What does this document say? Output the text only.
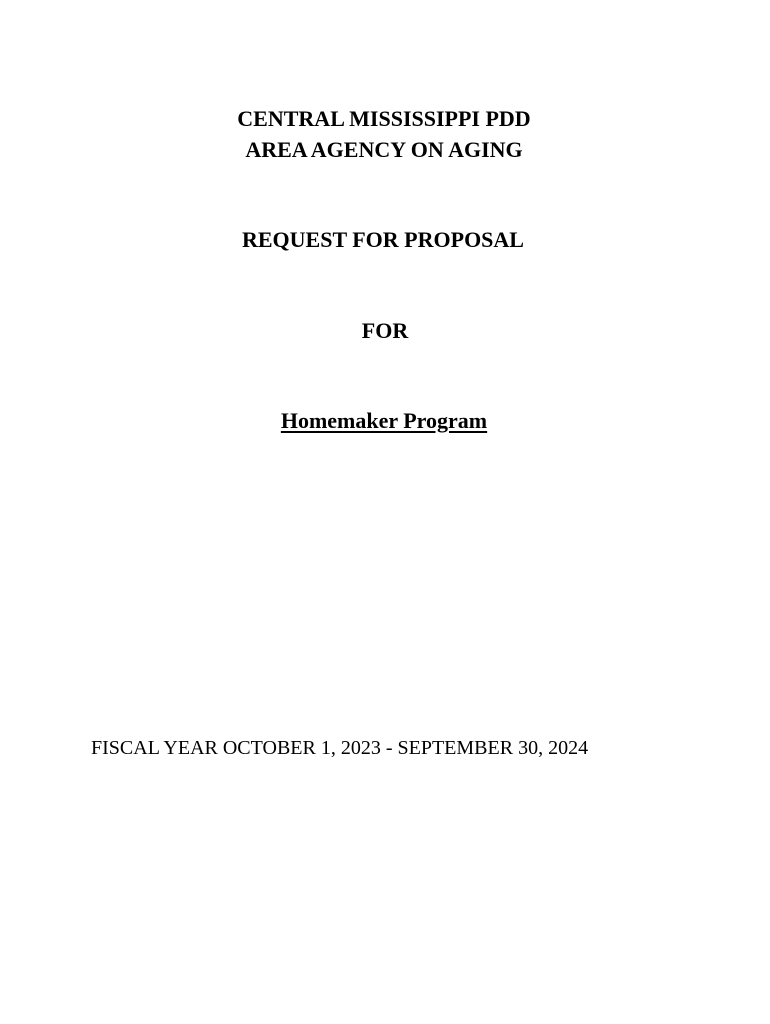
CENTRAL MISSISSIPPI PDD
AREA AGENCY ON AGING
REQUEST FOR PROPOSAL
FOR
Homemaker Program
FISCAL YEAR OCTOBER 1, 2023 - SEPTEMBER 30, 2024
